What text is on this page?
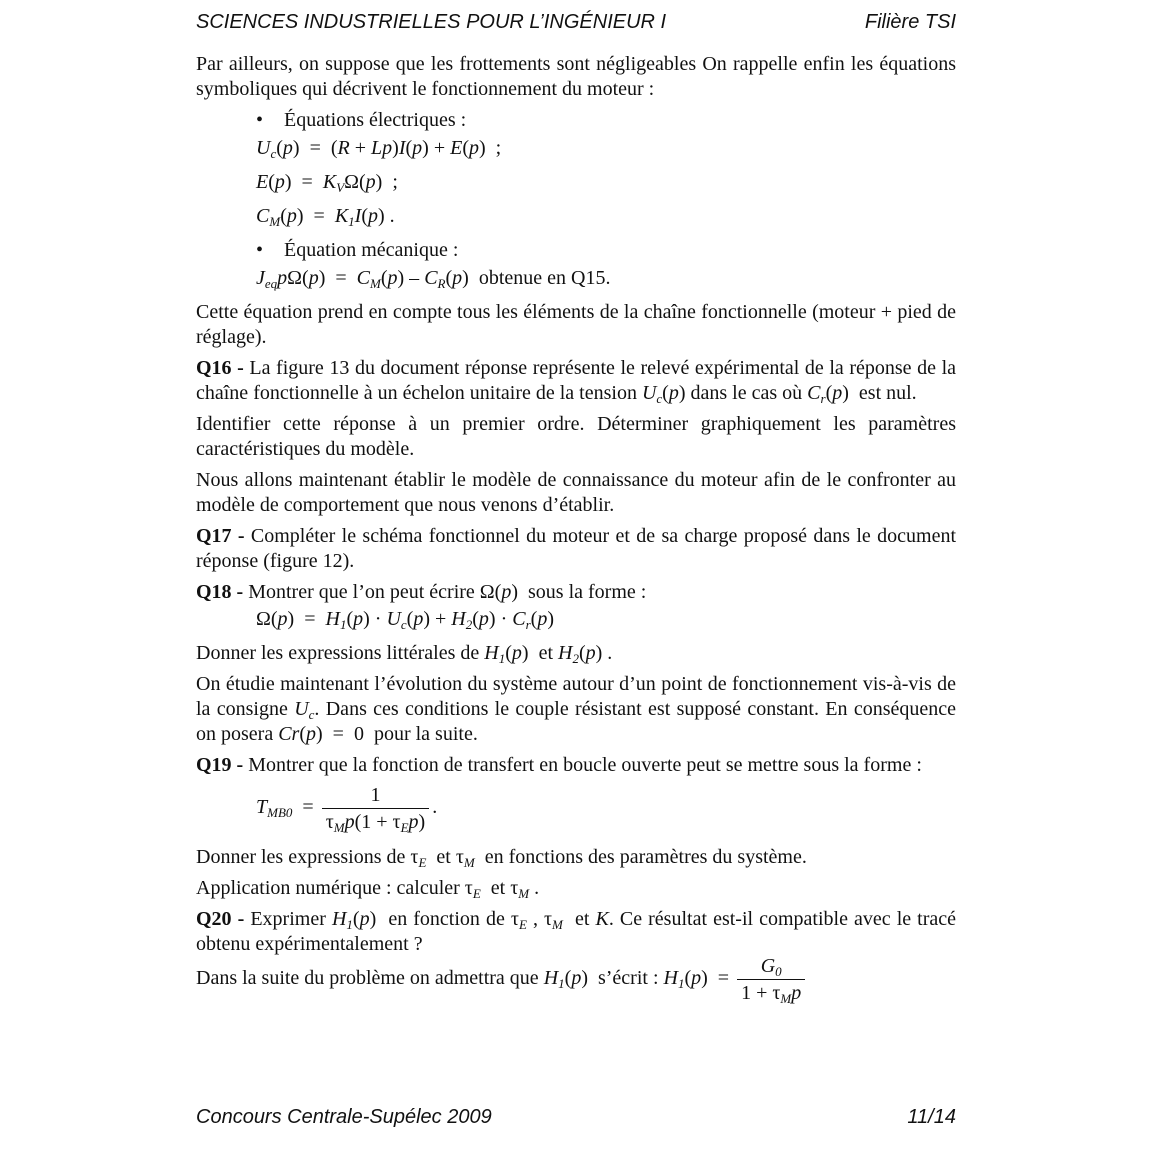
SCIENCES INDUSTRIELLES POUR L’INGÉNIEUR I	Filière TSI

Par ailleurs, on suppose que les frottements sont négligeables On rappelle enfin les équations symboliques qui décrivent le fonctionnement du moteur :

• Équations électriques :
$U_c(p) = (R + Lp)I(p) + E(p)$  ;
$E(p) = K_V\Omega(p)$  ;
$C_M(p) = K_1I(p)$ .
• Équation mécanique :
$J_{eq}p\Omega(p) = C_M(p) - C_R(p)$  obtenue en Q15.

Cette équation prend en compte tous les éléments de la chaîne fonctionnelle (moteur + pied de réglage).

Q16 - La figure 13 du document réponse représente le relevé expérimental de la réponse de la chaîne fonctionnelle à un échelon unitaire de la tension $U_c(p)$ dans le cas où $C_r(p)$  est nul.

Identifier cette réponse à un premier ordre. Déterminer graphiquement les paramètres caractéristiques du modèle.

Nous allons maintenant établir le modèle de connaissance du moteur afin de le confronter au modèle de comportement que nous venons d’établir.

Q17 - Compléter le schéma fonctionnel du moteur et de sa charge proposé dans le document réponse (figure 12).

Q18 - Montrer que l’on peut écrire Ω(p)  sous la forme :

$\Omega(p) = H_1(p) \cdot U_c(p) + H_2(p) \cdot C_r(p)$

Donner les expressions littérales de $H_1(p)$  et $H_2(p)$ .

On étudie maintenant l’évolution du système autour d’un point de fonctionnement vis-à-vis de la consigne $U_c$. Dans ces conditions le couple résistant est supposé constant. En conséquence on posera Cr(p)  =  0  pour la suite.

Q19 - Montrer que la fonction de transfert en boucle ouverte peut se mettre sous la forme :

$T_{MB0} = \frac{1}{\tau_Mp(1 + \tau_Ep)}$ .

Donner les expressions de $\tau_E$ et $\tau_M$ en fonctions des paramètres du système.

Application numérique : calculer $\tau_E$ et $\tau_M$ .

Q20 - Exprimer $H_1(p)$  en fonction de $\tau_E$ , $\tau_M$ et K. Ce résultat est-il compatible avec le tracé obtenu expérimentalement ?

Dans la suite du problème on admettra que $H_1(p)$  s’écrit : $H_1(p) = \frac{G_0}{1 + \tau_Mp}$

Concours Centrale-Supélec 2009	11/14
